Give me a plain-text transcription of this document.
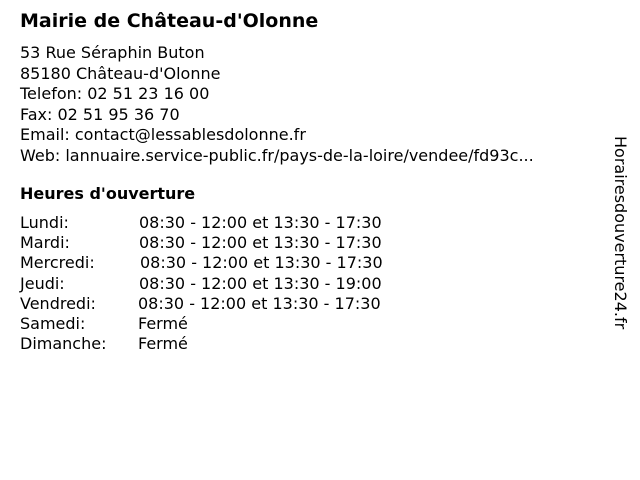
Mairie de Château-d'Olonne
53 Rue Séraphin Buton
85180 Château-d'Olonne
Telefon: 02 51 23 16 00
Fax: 02 51 95 36 70
Email: contact@lessablesdolonne.fr
Web: lannuaire.service-public.fr/pays-de-la-loire/vendee/fd93c...
Heures d'ouverture
Lundi:	08:30 - 12:00 et 13:30 - 17:30
Mardi:	08:30 - 12:00 et 13:30 - 17:30
Mercredi:	08:30 - 12:00 et 13:30 - 17:30
Jeudi:	08:30 - 12:00 et 13:30 - 19:00
Vendredi:	08:30 - 12:00 et 13:30 - 17:30
Samedi:	Fermé
Dimanche: Fermé
Horairesdouverture24.fr
